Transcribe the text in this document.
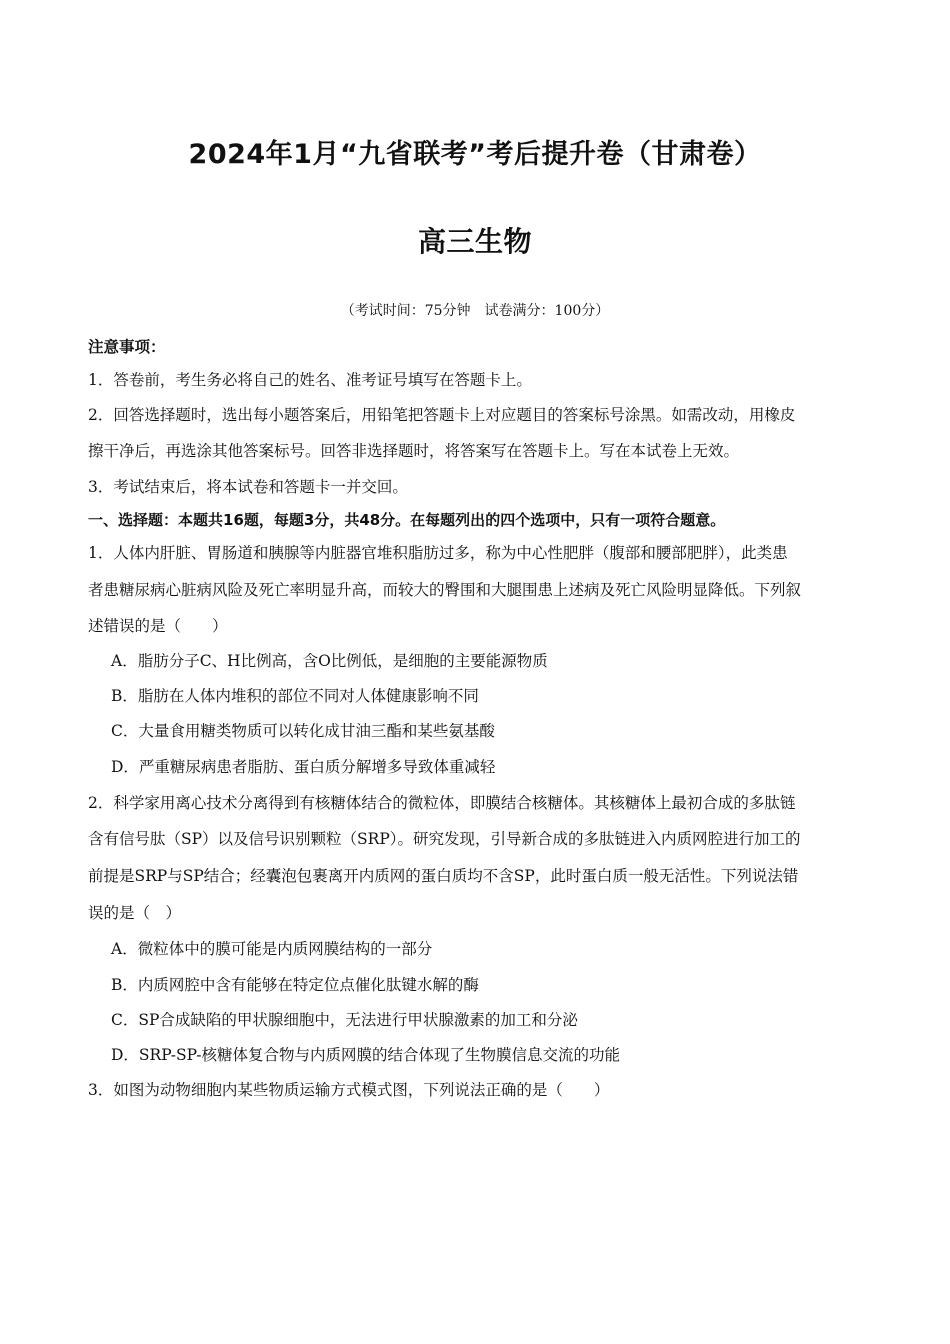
2024年1月“九省联考”考后提升卷（甘肃卷）
高三生物
（考试时间：75分钟　试卷满分：100分）
注意事项：
1．答卷前，考生务必将自己的姓名、准考证号填写在答题卡上。
2．回答选择题时，选出每小题答案后，用铅笔把答题卡上对应题目的答案标号涂黑。如需改动，用橡皮
擦干净后，再选涂其他答案标号。回答非选择题时，将答案写在答题卡上。写在本试卷上无效。
3．考试结束后，将本试卷和答题卡一并交回。
一、选择题：本题共16题，每题3分，共48分。在每题列出的四个选项中，只有一项符合题意。
1．人体内肝脏、胃肠道和胰腺等内脏器官堆积脂肪过多，称为中心性肥胖（腹部和腰部肥胖），此类患
者患糖尿病心脏病风险及死亡率明显升高，而较大的臀围和大腿围患上述病及死亡风险明显降低。下列叙
述错误的是（　　）
A．脂肪分子C、H比例高，含O比例低，是细胞的主要能源物质
B．脂肪在人体内堆积的部位不同对人体健康影响不同
C．大量食用糖类物质可以转化成甘油三酯和某些氨基酸
D．严重糖尿病患者脂肪、蛋白质分解增多导致体重减轻
2．科学家用离心技术分离得到有核糖体结合的微粒体，即膜结合核糖体。其核糖体上最初合成的多肽链
含有信号肽（SP）以及信号识别颗粒（SRP）。研究发现，引导新合成的多肽链进入内质网腔进行加工的
前提是SRP与SP结合；经囊泡包裹离开内质网的蛋白质均不含SP，此时蛋白质一般无活性。下列说法错
误的是（　）
A．微粒体中的膜可能是内质网膜结构的一部分
B．内质网腔中含有能够在特定位点催化肽键水解的酶
C．SP合成缺陷的甲状腺细胞中，无法进行甲状腺激素的加工和分泌
D．SRP-SP-核糖体复合物与内质网膜的结合体现了生物膜信息交流的功能
3．如图为动物细胞内某些物质运输方式模式图，下列说法正确的是（　　）
